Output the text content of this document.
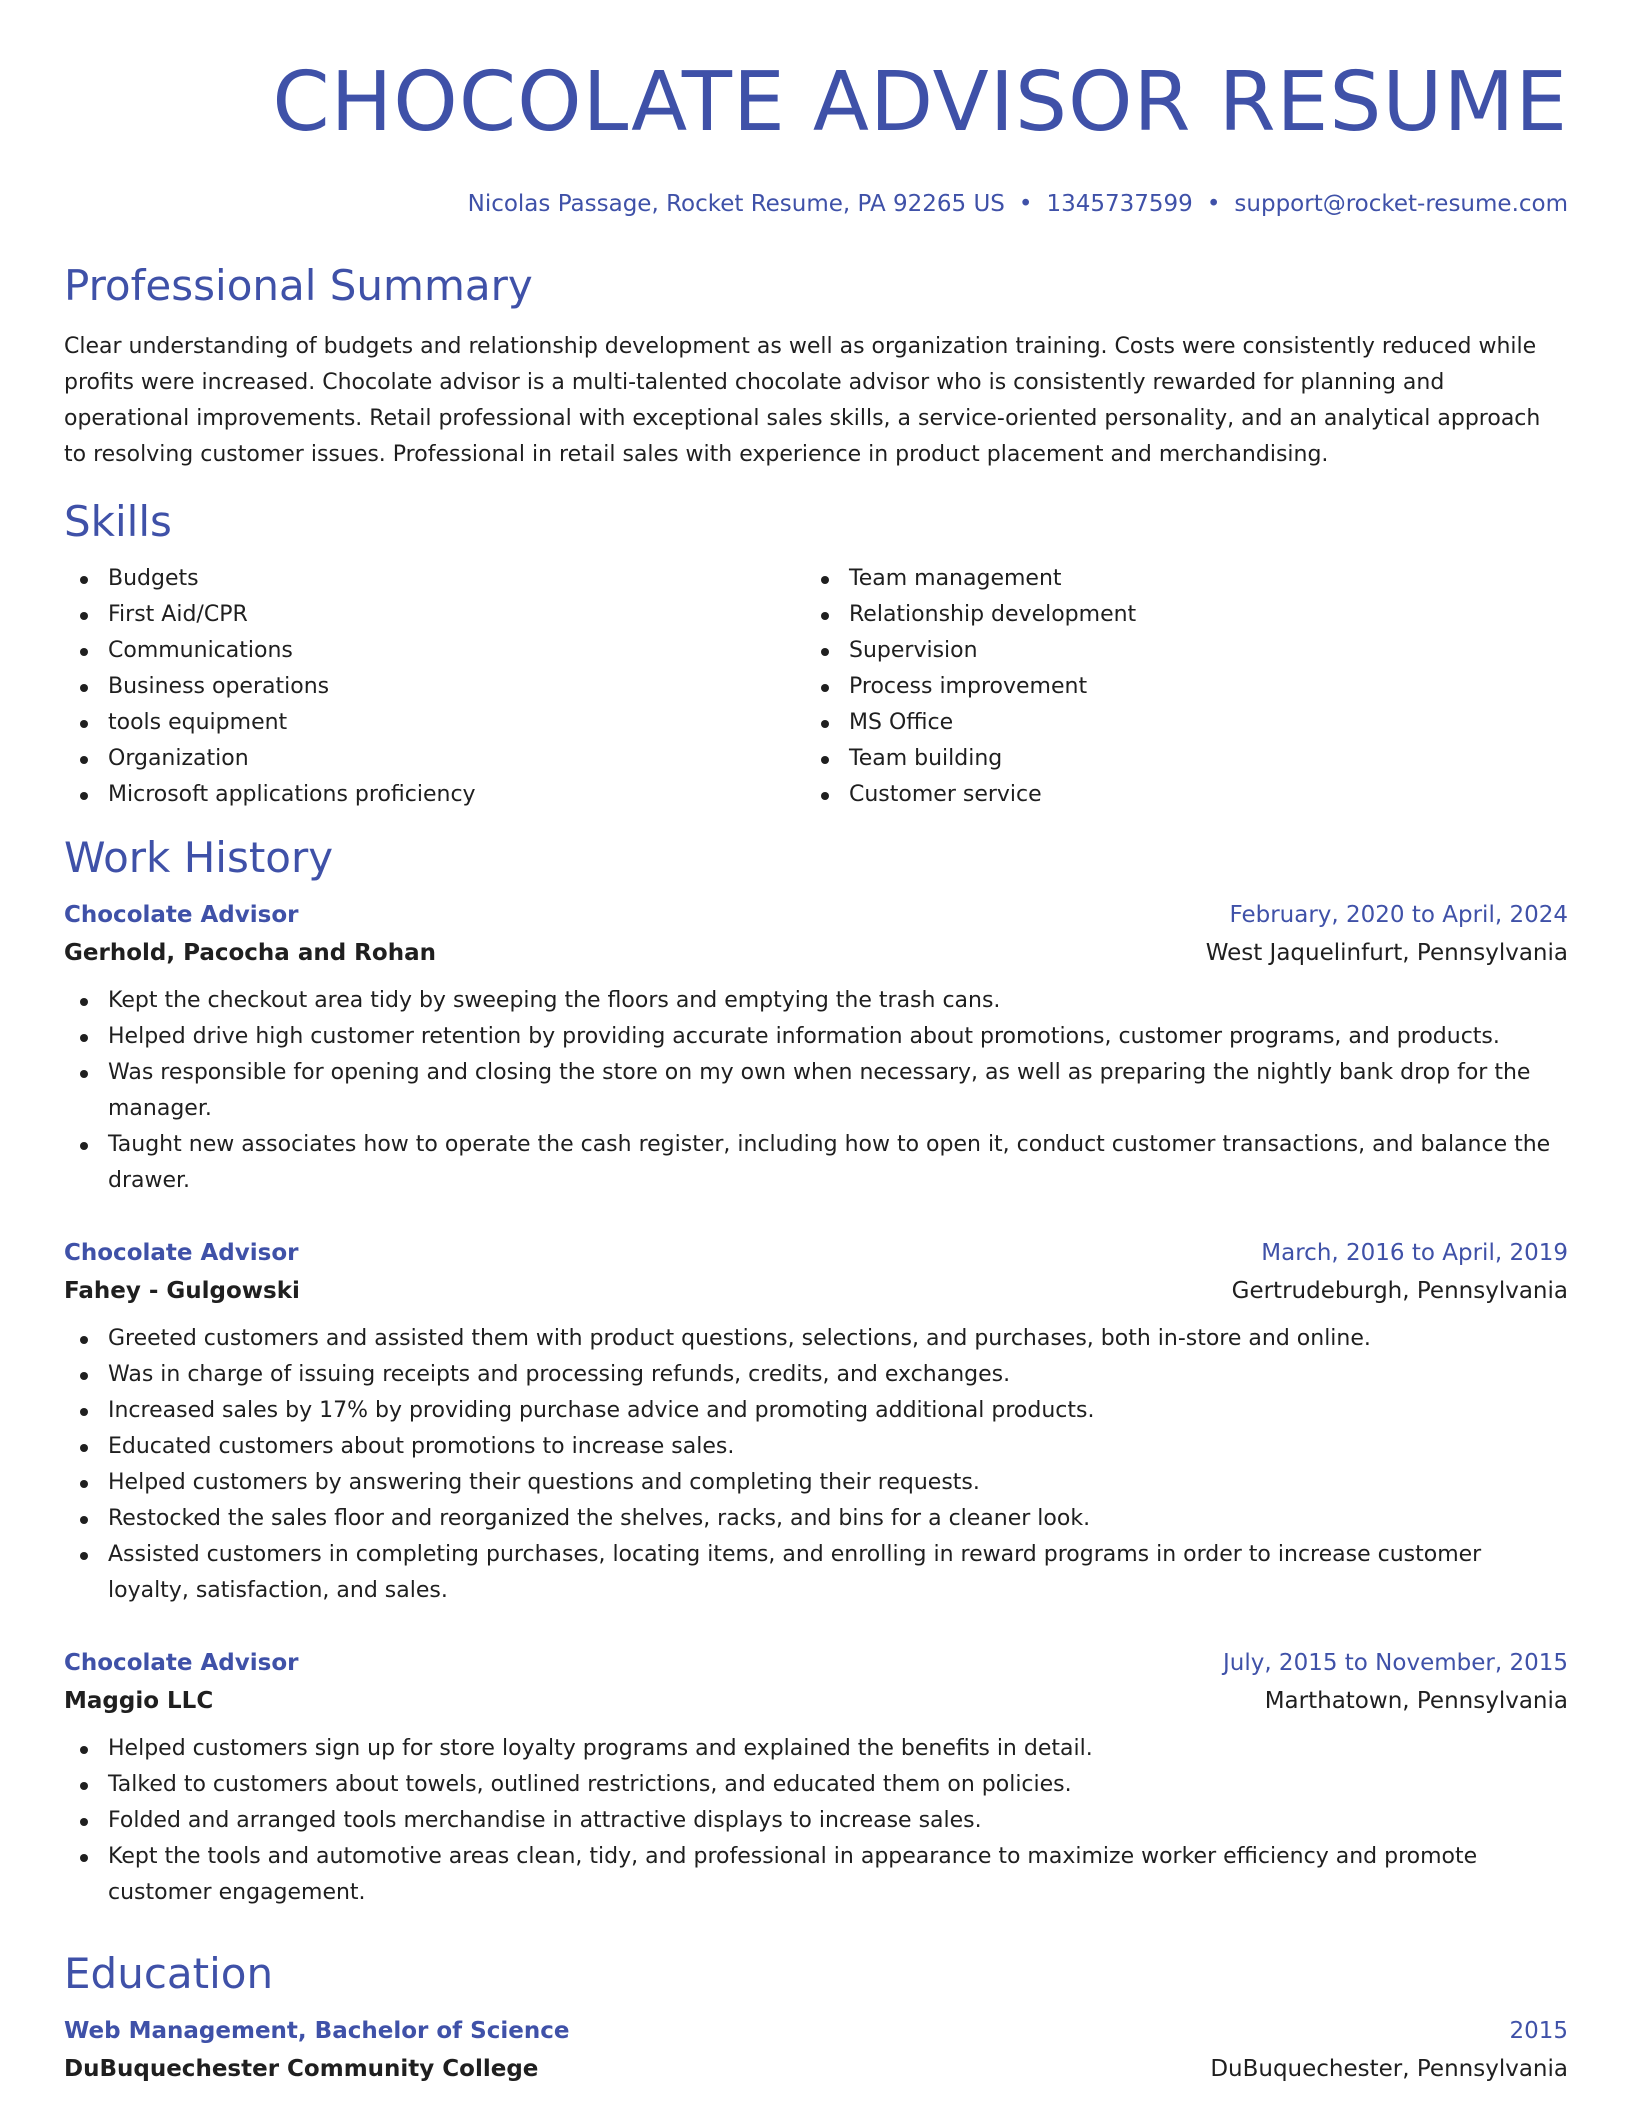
CHOCOLATE ADVISOR RESUME
Nicolas Passage, Rocket Resume, PA 92265 US • 1345737599 • support@rocket-resume.com
Professional Summary

Clear understanding of budgets and relationship development as well as organization training. Costs were consistently reduced while profits were increased. Chocolate advisor is a multi-talented chocolate advisor who is consistently rewarded for planning and operational improvements. Retail professional with exceptional sales skills, a service-oriented personality, and an analytical approach to resolving customer issues. Professional in retail sales with experience in product placement and merchandising.

Skills
Budgets
First Aid/CPR
Communications
Business operations
tools equipment
Organization
Microsoft applications proficiency
Team management
Relationship development
Supervision
Process improvement
MS Office
Team building
Customer service
Work History
Chocolate Advisor	February, 2020 to April, 2024
Gerhold, Pacocha and Rohan	West Jaquelinfurt, Pennsylvania
Kept the checkout area tidy by sweeping the floors and emptying the trash cans.
Helped drive high customer retention by providing accurate information about promotions, customer programs, and products.
Was responsible for opening and closing the store on my own when necessary, as well as preparing the nightly bank drop for the manager.
Taught new associates how to operate the cash register, including how to open it, conduct customer transactions, and balance the drawer.
Chocolate Advisor	March, 2016 to April, 2019
Fahey - Gulgowski	Gertrudeburgh, Pennsylvania
Greeted customers and assisted them with product questions, selections, and purchases, both in-store and online.
Was in charge of issuing receipts and processing refunds, credits, and exchanges.
Increased sales by 17% by providing purchase advice and promoting additional products.
Educated customers about promotions to increase sales.
Helped customers by answering their questions and completing their requests.
Restocked the sales floor and reorganized the shelves, racks, and bins for a cleaner look.
Assisted customers in completing purchases, locating items, and enrolling in reward programs in order to increase customer loyalty, satisfaction, and sales.
Chocolate Advisor	July, 2015 to November, 2015
Maggio LLC	Marthatown, Pennsylvania
Helped customers sign up for store loyalty programs and explained the benefits in detail.
Talked to customers about towels, outlined restrictions, and educated them on policies.
Folded and arranged tools merchandise in attractive displays to increase sales.
Kept the tools and automotive areas clean, tidy, and professional in appearance to maximize worker efficiency and promote customer engagement.
Education
Web Management, Bachelor of Science	2015
DuBuquechester Community College	DuBuquechester, Pennsylvania
